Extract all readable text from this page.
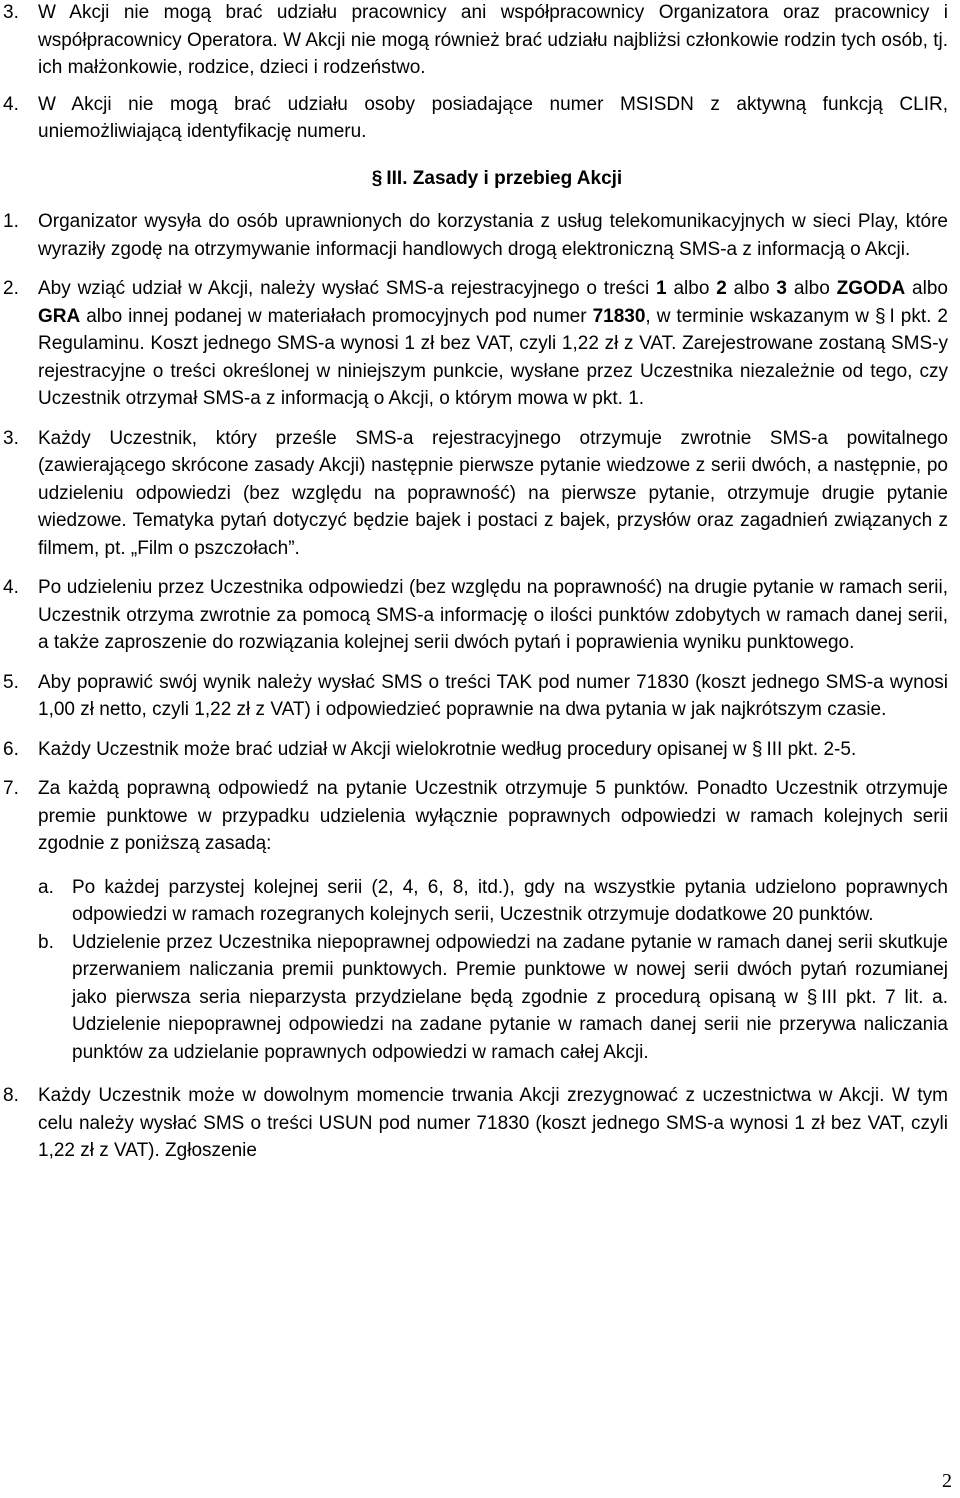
3. W Akcji nie mogą brać udziału pracownicy ani współpracownicy Organizatora oraz pracownicy i współpracownicy Operatora. W Akcji nie mogą również brać udziału najbliżsi członkowie rodzin tych osób, tj. ich małżonkowie, rodzice, dzieci i rodzeństwo.
4. W Akcji nie mogą brać udziału osoby posiadające numer MSISDN z aktywną funkcją CLIR, uniemożliwiającą identyfikację numeru.
§ III. Zasady i przebieg Akcji
1. Organizator wysyła do osób uprawnionych do korzystania z usług telekomunikacyjnych w sieci Play, które wyraziły zgodę na otrzymywanie informacji handlowych drogą elektroniczną SMS-a z informacją o Akcji.
2. Aby wziąć udział w Akcji, należy wysłać SMS-a rejestracyjnego o treści 1 albo 2 albo 3 albo ZGODA albo GRA albo innej podanej w materiałach promocyjnych pod numer 71830, w terminie wskazanym w § I pkt. 2 Regulaminu. Koszt jednego SMS-a wynosi 1 zł bez VAT, czyli 1,22 zł z VAT. Zarejestrowane zostaną SMS-y rejestracyjne o treści określonej w niniejszym punkcie, wysłane przez Uczestnika niezależnie od tego, czy Uczestnik otrzymał SMS-a z informacją o Akcji, o którym mowa w pkt. 1.
3. Każdy Uczestnik, który prześle SMS-a rejestracyjnego otrzymuje zwrotnie SMS-a powitalnego (zawierającego skrócone zasady Akcji) następnie pierwsze pytanie wiedzowe z serii dwóch, a następnie, po udzieleniu odpowiedzi (bez względu na poprawność) na pierwsze pytanie, otrzymuje drugie pytanie wiedzowe. Tematyka pytań dotyczyć będzie bajek i postaci z bajek, przysłów oraz zagadnień związanych z filmem, pt. „Film o pszczołach”.
4. Po udzieleniu przez Uczestnika odpowiedzi (bez względu na poprawność) na drugie pytanie w ramach serii, Uczestnik otrzyma zwrotnie za pomocą SMS-a informację o ilości punktów zdobytych w ramach danej serii, a także zaproszenie do rozwiązania kolejnej serii dwóch pytań i poprawienia wyniku punktowego.
5. Aby poprawić swój wynik należy wysłać SMS o treści TAK pod numer 71830 (koszt jednego SMS-a wynosi 1,00 zł netto, czyli 1,22 zł z VAT) i odpowiedzieć poprawnie na dwa pytania w jak najkrótszym czasie.
6. Każdy Uczestnik może brać udział w Akcji wielokrotnie według procedury opisanej w § III pkt. 2-5.
7. Za każdą poprawną odpowiedź na pytanie Uczestnik otrzymuje 5 punktów. Ponadto Uczestnik otrzymuje premie punktowe w przypadku udzielenia wyłącznie poprawnych odpowiedzi w ramach kolejnych serii zgodnie z poniższą zasadą:
a. Po każdej parzystej kolejnej serii (2, 4, 6, 8, itd.), gdy na wszystkie pytania udzielono poprawnych odpowiedzi w ramach rozegranych kolejnych serii, Uczestnik otrzymuje dodatkowe 20 punktów.
b. Udzielenie przez Uczestnika niepoprawnej odpowiedzi na zadane pytanie w ramach danej serii skutkuje przerwaniem naliczania premii punktowych. Premie punktowe w nowej serii dwóch pytań rozumianej jako pierwsza seria nieparzysta przydzielane będą zgodnie z procedurą opisaną w § III pkt. 7 lit. a. Udzielenie niepoprawnej odpowiedzi na zadane pytanie w ramach danej serii nie przerywa naliczania punktów za udzielanie poprawnych odpowiedzi w ramach całej Akcji.
8. Każdy Uczestnik może w dowolnym momencie trwania Akcji zrezygnować z uczestnictwa w Akcji. W tym celu należy wysłać SMS o treści USUN pod numer 71830 (koszt jednego SMS-a wynosi 1 zł bez VAT, czyli 1,22 zł z VAT). Zgłoszenie
2
